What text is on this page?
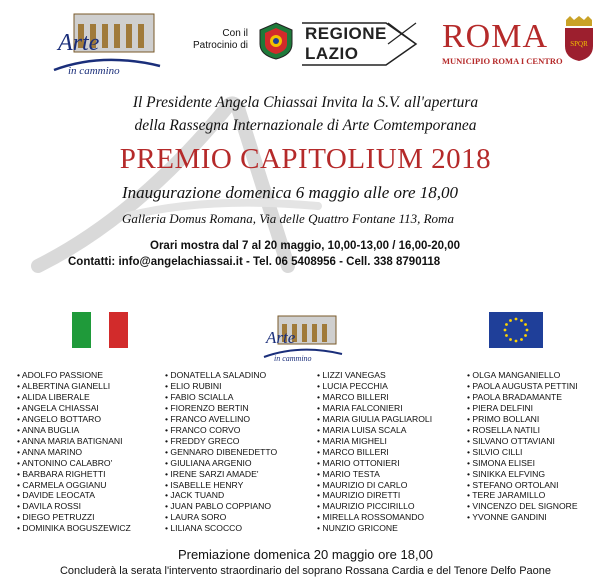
Arte
in cammino
Con il
Patrocinio di
REGIONE
LAZIO	ROMA
MUNICIPIO ROMA I CENTRO
SPQR
Il Presidente Angela Chiassai Invita la S.V. all'apertura
della Rassegna Internazionale di Arte Comtemporanea
PREMIO CAPITOLIUM 2018
Inaugurazione domenica 6 maggio alle ore 18,00
Galleria Domus Romana, Via delle Quattro Fontane 113, Roma
Orari mostra dal 7 al 20 maggio, 10,00-13,00 / 16,00-20,00
Contatti: info@angelachiassai.it - Tel. 06 5408956 - Cell. 338 8790118
Arte
in cammino
• ADOLFO PASSIONE
• ALBERTINA GIANELLI
• ALIDA LIBERALE
• ANGELA CHIASSAI
• ANGELO BOTTARO
• ANNA BUGLIA
• ANNA MARIA BATIGNANI
• ANNA MARINO
• ANTONINO CALABRO'
• BARBARA RIGHETTI
• CARMELA OGGIANU
• DAVIDE LEOCATA
• DAVILA ROSSI
• DIEGO PETRUZZI
• DOMINIKA BOGUSZEWICZ
• DONATELLA SALADINO
• ELIO RUBINI
• FABIO SCIALLA
• FIORENZO BERTIN
• FRANCO AVELLINO
• FRANCO CORVO
• FREDDY GRECO
• GENNARO DIBENEDETTO
• GIULIANA ARGENIO
• IRENE SARZI AMADE'
• ISABELLE HENRY
• JACK TUAND
• JUAN PABLO COPPIANO
• LAURA SORO
• LILIANA SCOCCO
• LIZZI VANEGAS
• LUCIA PECCHIA
• MARCO BILLERI
• MARIA FALCONIERI
• MARIA GIULIA PAGLIAROLI
• MARIA LUISA SCALA
• MARIA MIGHELI
• MARCO BILLERI
• MARIO OTTONIERI
• MARIO TESTA
• MAURIZIO DI CARLO
• MAURIZIO DIRETTI
• MAURIZIO PICCIRILLO
• MIRELLA ROSSOMANDO
• NUNZIO GRICONE
• OLGA MANGANIELLO
• PAOLA AUGUSTA PETTINI
• PAOLA BRADAMANTE
• PIERA DELFINI
• PRIMO BOLLANI
• ROSELLA NATILI
• SILVANO OTTAVIANI
• SILVIO CILLI
• SIMONA ELISEI
• SINIKKA ELFVING
• STEFANO ORTOLANI
• TERE JARAMILLO
• VINCENZO DEL SIGNORE
• YVONNE GANDINI
Premiazione domenica 20 maggio ore 18,00
Concluderà la serata l'intervento straordinario del soprano Rossana Cardia e del Tenore Delfo Paone
